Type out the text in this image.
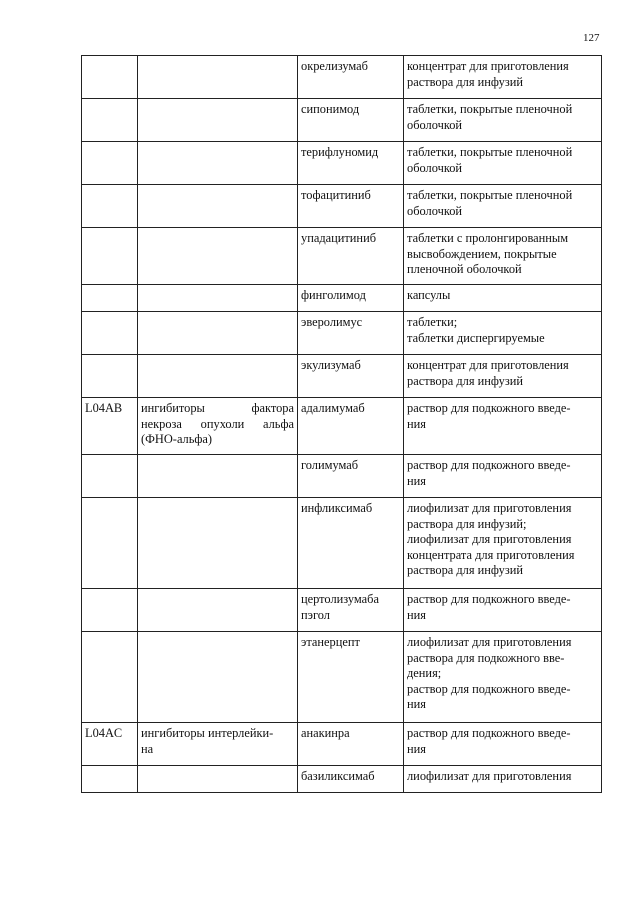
127

		окрелизумаб	концентрат для приготовления
раствора для инфузий

		сипонимод	таблетки, покрытые пленочной
оболочкой

		терифлуномид	таблетки, покрытые пленочной
оболочкой

		тофацитиниб	таблетки, покрытые пленочной
оболочкой

		упадацитиниб	таблетки с пролонгированным
высвобождением, покрытые
пленочной оболочкой

		финголимод	капсулы

		эверолимус	таблетки;
таблетки диспергируемые

		экулизумаб	концентрат для приготовления
раствора для инфузий

L04AB	ингибиторы фактора некроза опухоли альфа (ФНО-альфа)	адалимумаб	раствор для подкожного введе-
ния

		голимумаб	раствор для подкожного введе-
ния

		инфликсимаб	лиофилизат для приготовления
раствора для инфузий;
лиофилизат для приготовления
концентрата для приготовления
раствора для инфузий

		цертолизумаба
пэгол	раствор для подкожного введе-
ния

		этанерцепт	лиофилизат для приготовления
раствора для подкожного вве-
дения;
раствор для подкожного введе-
ния

L04AC	ингибиторы интерлейки-
на	анакинра	раствор для подкожного введе-
ния

		базиликсимаб	лиофилизат для приготовления
